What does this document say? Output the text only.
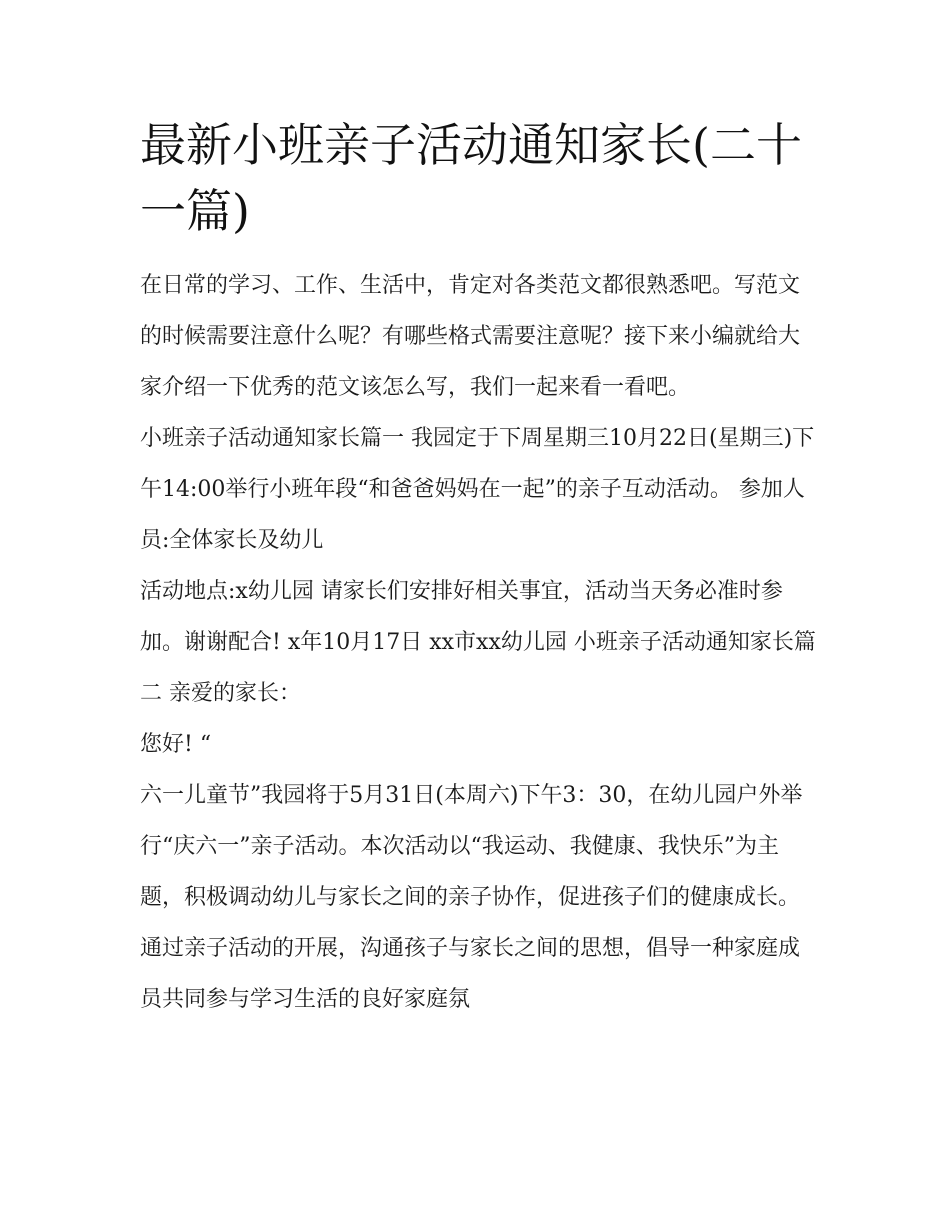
最新小班亲子活动通知家长(二十一篇)

在日常的学习、工作、生活中，肯定对各类范文都很熟悉吧。写范文的时候需要注意什么呢？有哪些格式需要注意呢？接下来小编就给大家介绍一下优秀的范文该怎么写，我们一起来看一看吧。

小班亲子活动通知家长篇一 我园定于下周星期三10月22日(星期三)下午14:00举行小班年段“和爸爸妈妈在一起”的亲子互动活动。 参加人员:全体家长及幼儿

活动地点:x幼儿园 请家长们安排好相关事宜，活动当天务必准时参加。谢谢配合! x年10月17日 xx市xx幼儿园 小班亲子活动通知家长篇二 亲爱的家长：

您好! “

六一儿童节”我园将于5月31日(本周六)下午3：30，在幼儿园户外举行“庆六一”亲子活动。本次活动以“我运动、我健康、我快乐”为主题，积极调动幼儿与家长之间的亲子协作，促进孩子们的健康成长。通过亲子活动的开展，沟通孩子与家长之间的思想，倡导一种家庭成员共同参与学习生活的良好家庭氛
